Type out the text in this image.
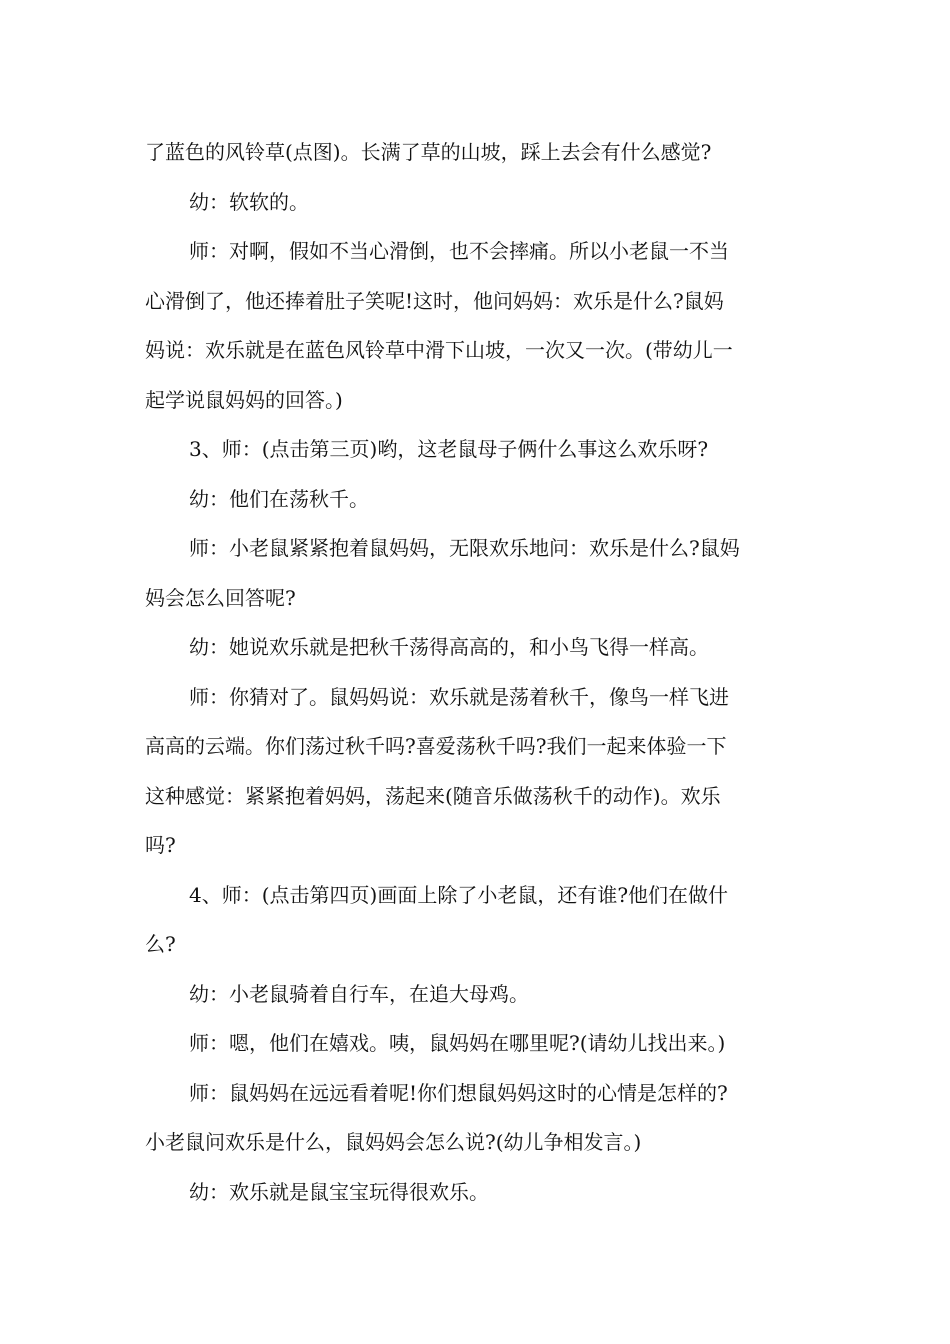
了蓝色的风铃草(点图)。长满了草的山坡，踩上去会有什么感觉?

幼：软软的。

师：对啊，假如不当心滑倒，也不会摔痛。所以小老鼠一不当

心滑倒了，他还捧着肚子笑呢!这时，他问妈妈：欢乐是什么?鼠妈

妈说：欢乐就是在蓝色风铃草中滑下山坡，一次又一次。(带幼儿一

起学说鼠妈妈的回答。)

3、师：(点击第三页)哟，这老鼠母子俩什么事这么欢乐呀?

幼：他们在荡秋千。

师：小老鼠紧紧抱着鼠妈妈，无限欢乐地问：欢乐是什么?鼠妈

妈会怎么回答呢?

幼：她说欢乐就是把秋千荡得高高的，和小鸟飞得一样高。

师：你猜对了。鼠妈妈说：欢乐就是荡着秋千，像鸟一样飞进

高高的云端。你们荡过秋千吗?喜爱荡秋千吗?我们一起来体验一下

这种感觉：紧紧抱着妈妈，荡起来(随音乐做荡秋千的动作)。欢乐

吗?

4、师：(点击第四页)画面上除了小老鼠，还有谁?他们在做什

么?

幼：小老鼠骑着自行车，在追大母鸡。

师：嗯，他们在嬉戏。咦，鼠妈妈在哪里呢?(请幼儿找出来。)

师：鼠妈妈在远远看着呢!你们想鼠妈妈这时的心情是怎样的?

小老鼠问欢乐是什么，鼠妈妈会怎么说?(幼儿争相发言。)

幼：欢乐就是鼠宝宝玩得很欢乐。
